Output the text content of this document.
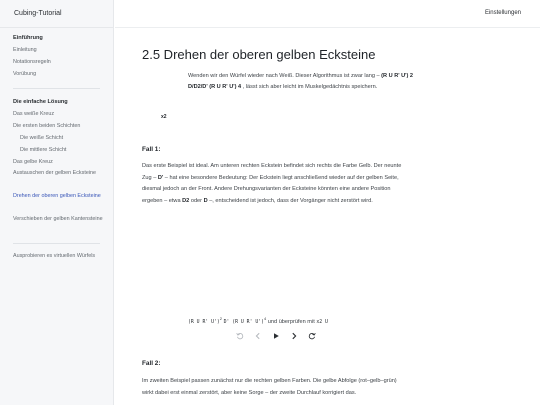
Cubing-Tutorial
Einführung
Einleitung
Notationsregeln
Vorübung
Die einfache Lösung
Das weiße Kreuz
Die ersten beiden Schichten
Die weiße Schicht
Die mittlere Schicht
Das gelbe Kreuz
Austauschen der gelben Ecksteine
Drehen der oberen gelben Ecksteine
Verschieben der gelben Kantensteine
Ausprobieren es virtuellen Würfels
Einstellungen
2.5 Drehen der oberen gelben Ecksteine

Wenden wir den Würfel wieder nach Weiß. Dieser Algorithmus ist zwar lang – (R U R' U') 2 D/D2/D' (R U R' U') 4 , lässt sich aber leicht im Muskelgedächtnis speichern.

x2
Fall 1:

Das erste Beispiel ist ideal. Am unteren rechten Eckstein befindet sich rechts die Farbe Gelb. Der neunte Zug – D' – hat eine besondere Bedeutung: Der Eckstein liegt anschließend wieder auf der gelben Seite, diesmal jedoch an der Front. Andere Drehungsvarianten der Ecksteine könnten eine andere Position ergeben – etwa D2 oder D –, entscheidend ist jedoch, dass der Vorgänger nicht zerstört wird.

(R U R' U')$^2$ D' (R U R' U')$^4$ und überprüfen mit x2 U
Fall 2:

Im zweiten Beispiel passen zunächst nur die rechten gelben Farben. Die gelbe Abfolge (rot–gelb–grün) wirkt dabei erst einmal zerstört, aber keine Sorge – der zweite Durchlauf korrigiert das.
